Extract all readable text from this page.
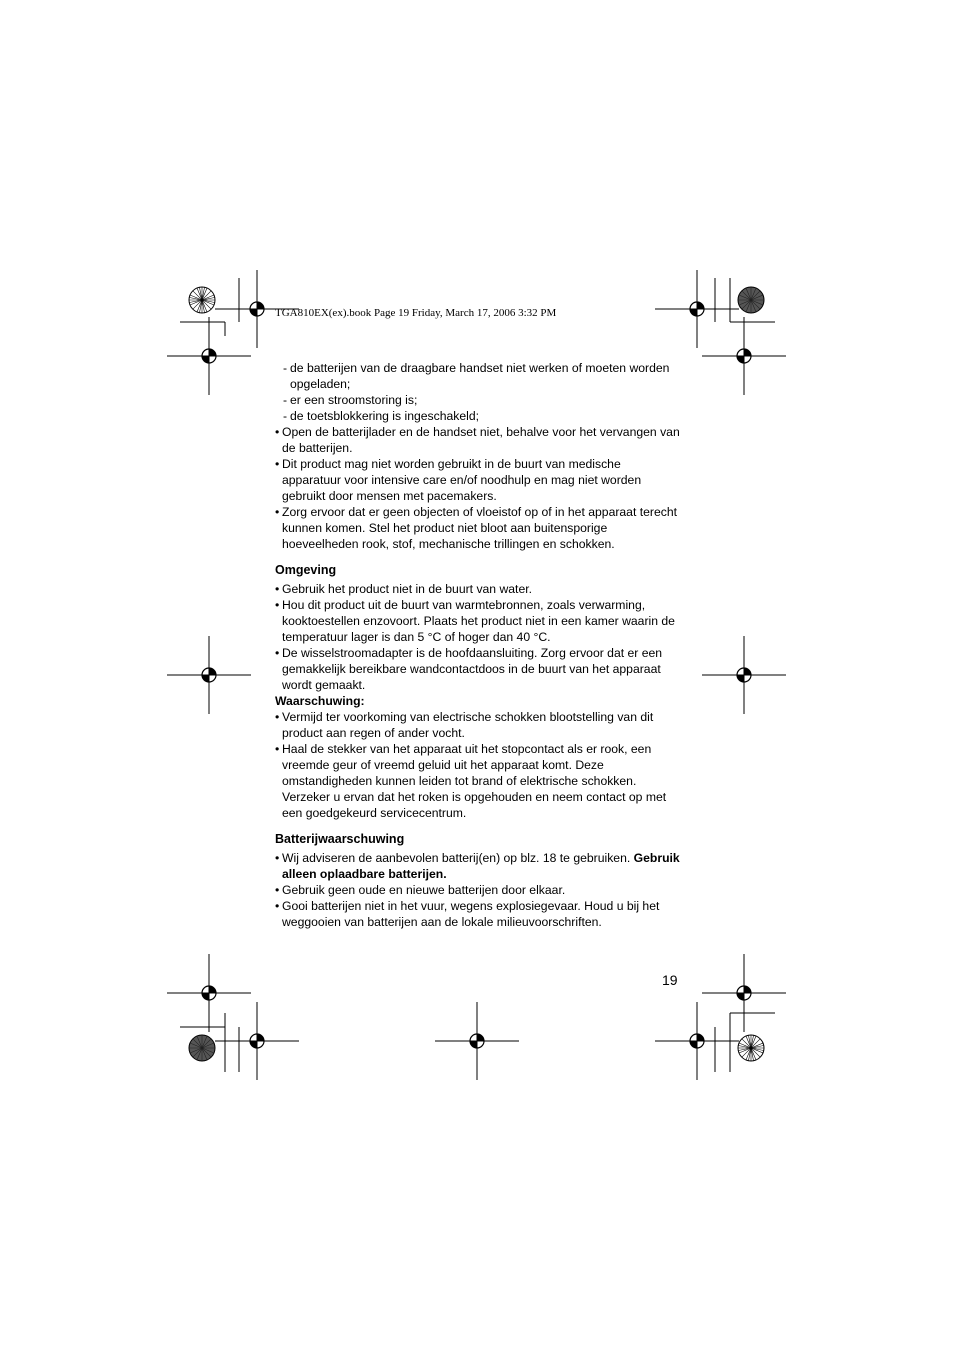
TGA810EX(ex).book Page 19 Friday, March 17, 2006 3:32 PM
- de batterijen van de draagbare handset niet werken of moeten worden opgeladen;
- er een stroomstoring is;
- de toetsblokkering is ingeschakeld;
• Open de batterijlader en de handset niet, behalve voor het vervangen van de batterijen.
• Dit product mag niet worden gebruikt in de buurt van medische apparatuur voor intensive care en/of noodhulp en mag niet worden gebruikt door mensen met pacemakers.
• Zorg ervoor dat er geen objecten of vloeistof op of in het apparaat terecht kunnen komen. Stel het product niet bloot aan buitensporige hoeveelheden rook, stof, mechanische trillingen en schokken.
Omgeving
• Gebruik het product niet in de buurt van water.
• Hou dit product uit de buurt van warmtebronnen, zoals verwarming, kooktoestellen enzovoort. Plaats het product niet in een kamer waarin de temperatuur lager is dan 5 °C of hoger dan 40 °C.
• De wisselstroomadapter is de hoofdaansluiting. Zorg ervoor dat er een gemakkelijk bereikbare wandcontactdoos in de buurt van het apparaat wordt gemaakt.
Waarschuwing:
• Vermijd ter voorkoming van electrische schokken blootstelling van dit product aan regen of ander vocht.
• Haal de stekker van het apparaat uit het stopcontact als er rook, een vreemde geur of vreemd geluid uit het apparaat komt. Deze omstandigheden kunnen leiden tot brand of elektrische schokken. Verzeker u ervan dat het roken is opgehouden en neem contact op met een goedgekeurd servicecentrum.
Batterijwaarschuwing
• Wij adviseren de aanbevolen batterij(en) op blz. 18 te gebruiken. Gebruik alleen oplaadbare batterijen.
• Gebruik geen oude en nieuwe batterijen door elkaar.
• Gooi batterijen niet in het vuur, wegens explosiegevaar. Houd u bij het weggooien van batterijen aan de lokale milieuvoorschriften.
19
